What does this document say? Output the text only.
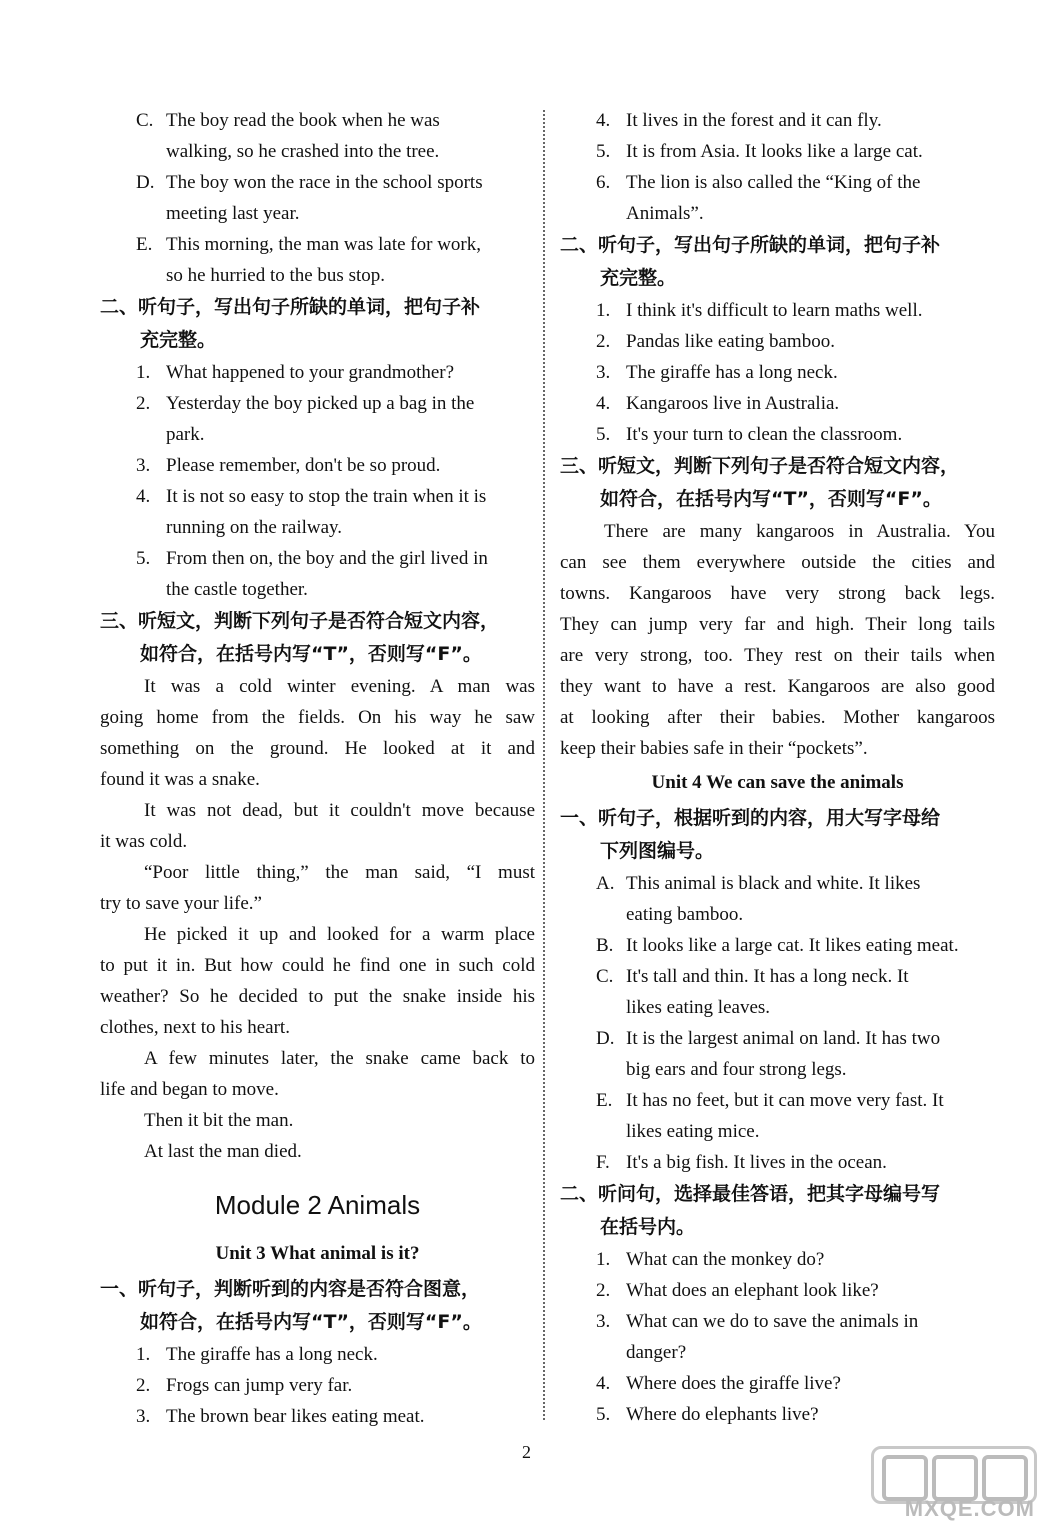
C. The boy read the book when he was
walking, so he crashed into the tree.
D. The boy won the race in the school sports
meeting last year.
E. This morning, the man was late for work,
so he hurried to the bus stop.
二、听句子，写出句子所缺的单词，把句子补
充完整。
1. What happened to your grandmother?
2. Yesterday the boy picked up a bag in the
park.
3. Please remember, don't be so proud.
4. It is not so easy to stop the train when it is
running on the railway.
5. From then on, the boy and the girl lived in
the castle together.
三、听短文，判断下列句子是否符合短文内容，
如符合，在括号内写“T”，否则写“F”。
It was a cold winter evening. A man was
going home from the fields. On his way he saw
something on the ground. He looked at it and
found it was a snake.
It was not dead, but it couldn't move because
it was cold.
“Poor little thing,” the man said, “I must
try to save your life.”
He picked it up and looked for a warm place
to put it in. But how could he find one in such cold
weather? So he decided to put the snake inside his
clothes, next to his heart.
A few minutes later, the snake came back to
life and began to move.
Then it bit the man.
At last the man died.
Module 2 Animals
Unit 3 What animal is it?
一、听句子，判断听到的内容是否符合图意，
如符合，在括号内写“T”，否则写“F”。
1. The giraffe has a long neck.
2. Frogs can jump very far.
3. The brown bear likes eating meat.
4. It lives in the forest and it can fly.
5. It is from Asia. It looks like a large cat.
6. The lion is also called the “King of the
Animals”.
二、听句子，写出句子所缺的单词，把句子补
充完整。
1. I think it's difficult to learn maths well.
2. Pandas like eating bamboo.
3. The giraffe has a long neck.
4. Kangaroos live in Australia.
5. It's your turn to clean the classroom.
三、听短文，判断下列句子是否符合短文内容，
如符合，在括号内写“T”，否则写“F”。
There are many kangaroos in Australia. You
can see them everywhere outside the cities and
towns. Kangaroos have very strong back legs.
They can jump very far and high. Their long tails
are very strong, too. They rest on their tails when
they want to have a rest. Kangaroos are also good
at looking after their babies. Mother kangaroos
keep their babies safe in their “pockets”.
Unit 4 We can save the animals
一、听句子，根据听到的内容，用大写字母给
下列图编号。
A. This animal is black and white. It likes
eating bamboo.
B. It looks like a large cat. It likes eating meat.
C. It's tall and thin. It has a long neck. It
likes eating leaves.
D. It is the largest animal on land. It has two
big ears and four strong legs.
E. It has no feet, but it can move very fast. It
likes eating mice.
F. It's a big fish. It lives in the ocean.
二、听问句，选择最佳答语，把其字母编号写
在括号内。
1. What can the monkey do?
2. What does an elephant look like?
3. What can we do to save the animals in
danger?
4. Where does the giraffe live?
5. Where do elephants live?
2
MXQE.COM
